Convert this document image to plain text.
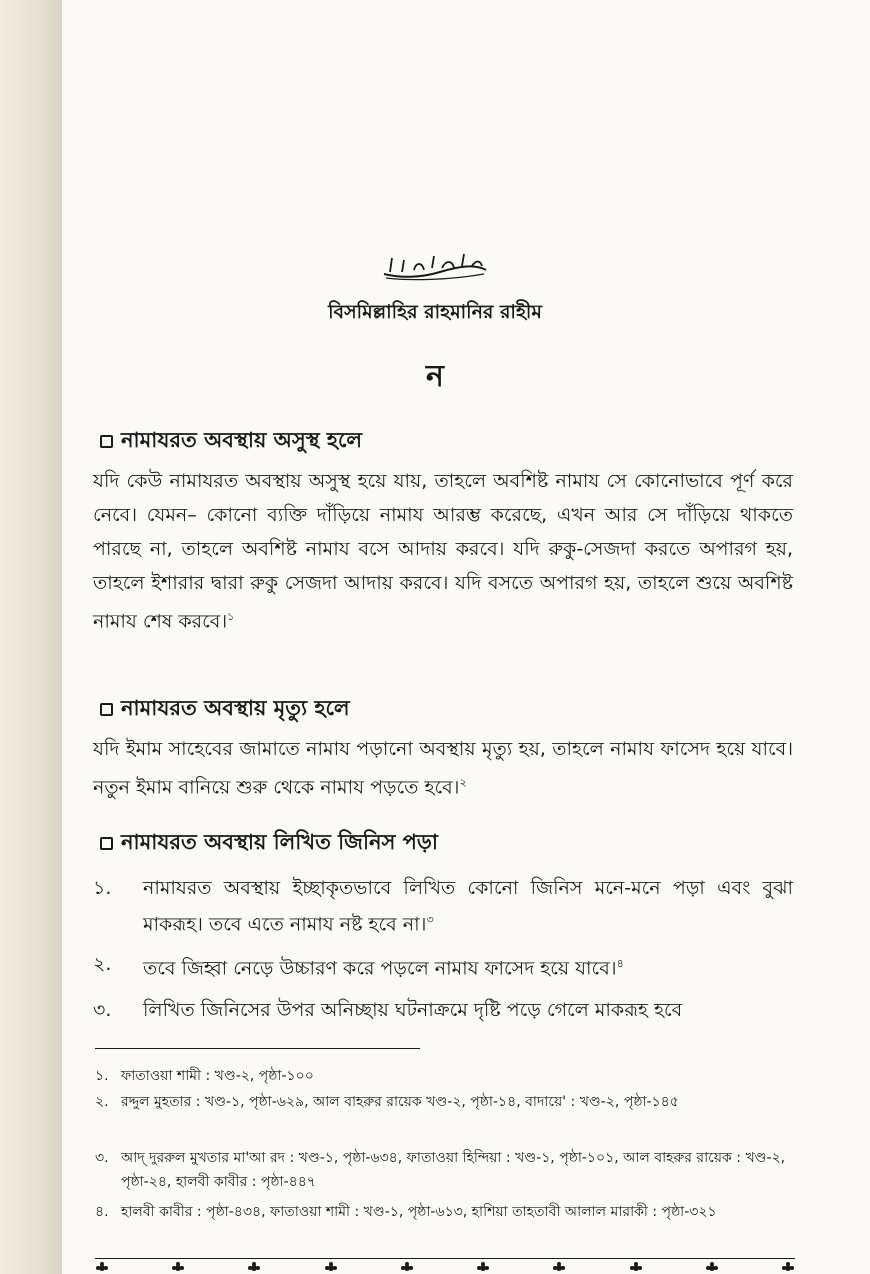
বিসমিল্লাহির রাহমানির রাহীম
ন
নামাযরত অবস্থায় অসুস্থ হলে
যদি কেউ নামাযরত অবস্থায় অসুস্থ হয়ে যায়, তাহলে অবশিষ্ট নামায সে কোনোভাবে পূর্ণ করে নেবে। যেমন– কোনো ব্যক্তি দাঁড়িয়ে নামায আরম্ভ করেছে, এখন আর সে দাঁড়িয়ে থাকতে পারছে না, তাহলে অবশিষ্ট নামায বসে আদায় করবে। যদি রুকু-সেজদা করতে অপারগ হয়, তাহলে ইশারার দ্বারা রুকু সেজদা আদায় করবে। যদি বসতে অপারগ হয়, তাহলে শুয়ে অবশিষ্ট নামায শেষ করবে।$^১$
নামাযরত অবস্থায় মৃত্যু হলে
যদি ইমাম সাহেবের জামাতে নামায পড়ানো অবস্থায় মৃত্যু হয়, তাহলে নামায ফাসেদ হয়ে যাবে। নতুন ইমাম বানিয়ে শুরু থেকে নামায পড়তে হবে।$^২$
নামাযরত অবস্থায় লিখিত জিনিস পড়া
১.	নামাযরত অবস্থায় ইচ্ছাকৃতভাবে লিখিত কোনো জিনিস মনে-মনে পড়া এবং বুঝা মাকরূহ। তবে এতে নামায নষ্ট হবে না।$^৩$
২.	তবে জিহ্বা নেড়ে উচ্চারণ করে পড়লে নামায ফাসেদ হয়ে যাবে।$^৪$
৩.	লিখিত জিনিসের উপর অনিচ্ছায় ঘটনাক্রমে দৃষ্টি পড়ে গেলে মাকরূহ হবে
১. ফাতাওয়া শামী : খণ্ড-২, পৃষ্ঠা-১০০
২. রদ্দুল মুহতার : খণ্ড-১, পৃষ্ঠা-৬২৯, আল বাহরুর রায়েক খণ্ড-২, পৃষ্ঠা-১৪, বাদায়ে' : খণ্ড-২, পৃষ্ঠা-১৪৫
৩. আদ্ দুররুল মুখতার মা'আ রদ : খণ্ড-১, পৃষ্ঠা-৬৩৪, ফাতাওয়া হিন্দিয়া : খণ্ড-১, পৃষ্ঠা-১০১, আল বাহরুর রায়েক : খণ্ড-২, পৃষ্ঠা-২৪, হালবী কাবীর : পৃষ্ঠা-৪৪৭
৪. হালবী কাবীর : পৃষ্ঠা-৪৩৪, ফাতাওয়া শামী : খণ্ড-১, পৃষ্ঠা-৬১৩, হাশিয়া তাহতাবী আলাল মারাকী : পৃষ্ঠা-৩২১
